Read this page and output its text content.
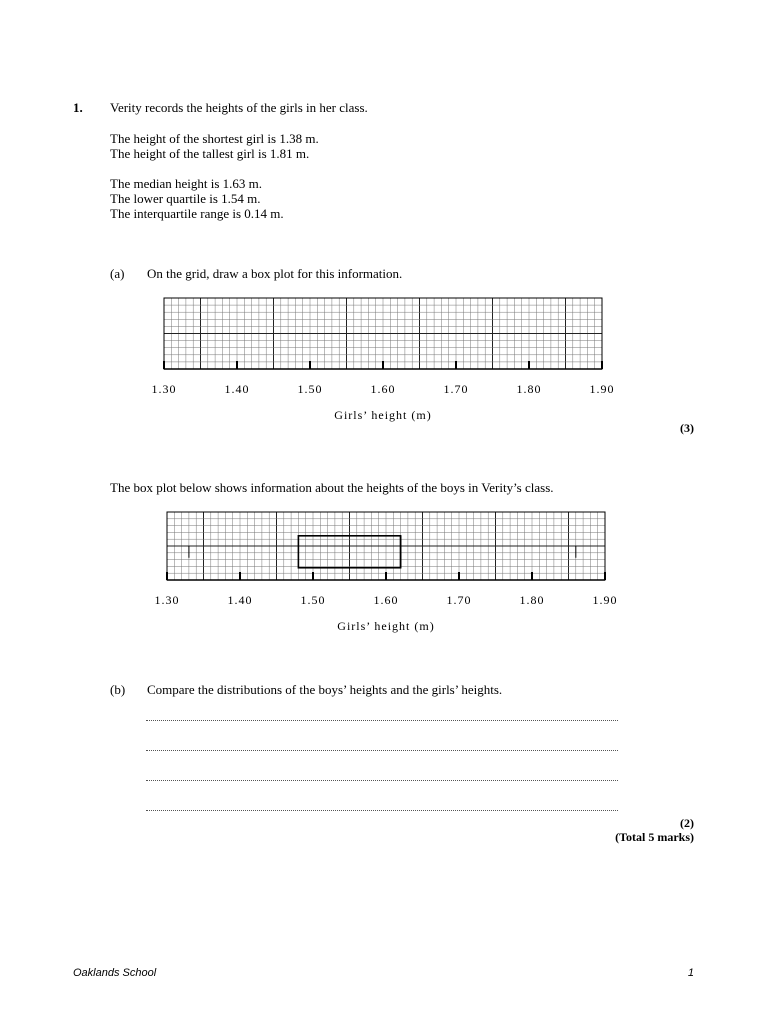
1. Verity records the heights of the girls in her class.
The height of the shortest girl is 1.38 m.
The height of the tallest girl is 1.81 m.
The median height is 1.63 m.
The lower quartile is 1.54 m.
The interquartile range is 0.14 m.
(a) On the grid, draw a box plot for this information.
1.30	1.40	1.50	1.60	1.70	1.80	1.90
Girls’ height (m)
1.30	1.40	1.50	1.60	1.70	1.80	1.90
Girls’ height (m)
(3)
The box plot below shows information about the heights of the boys in Verity’s class.
(b) Compare the distributions of the boys’ heights and the girls’ heights.
(2)
(Total 5 marks)
Oaklands School	1
